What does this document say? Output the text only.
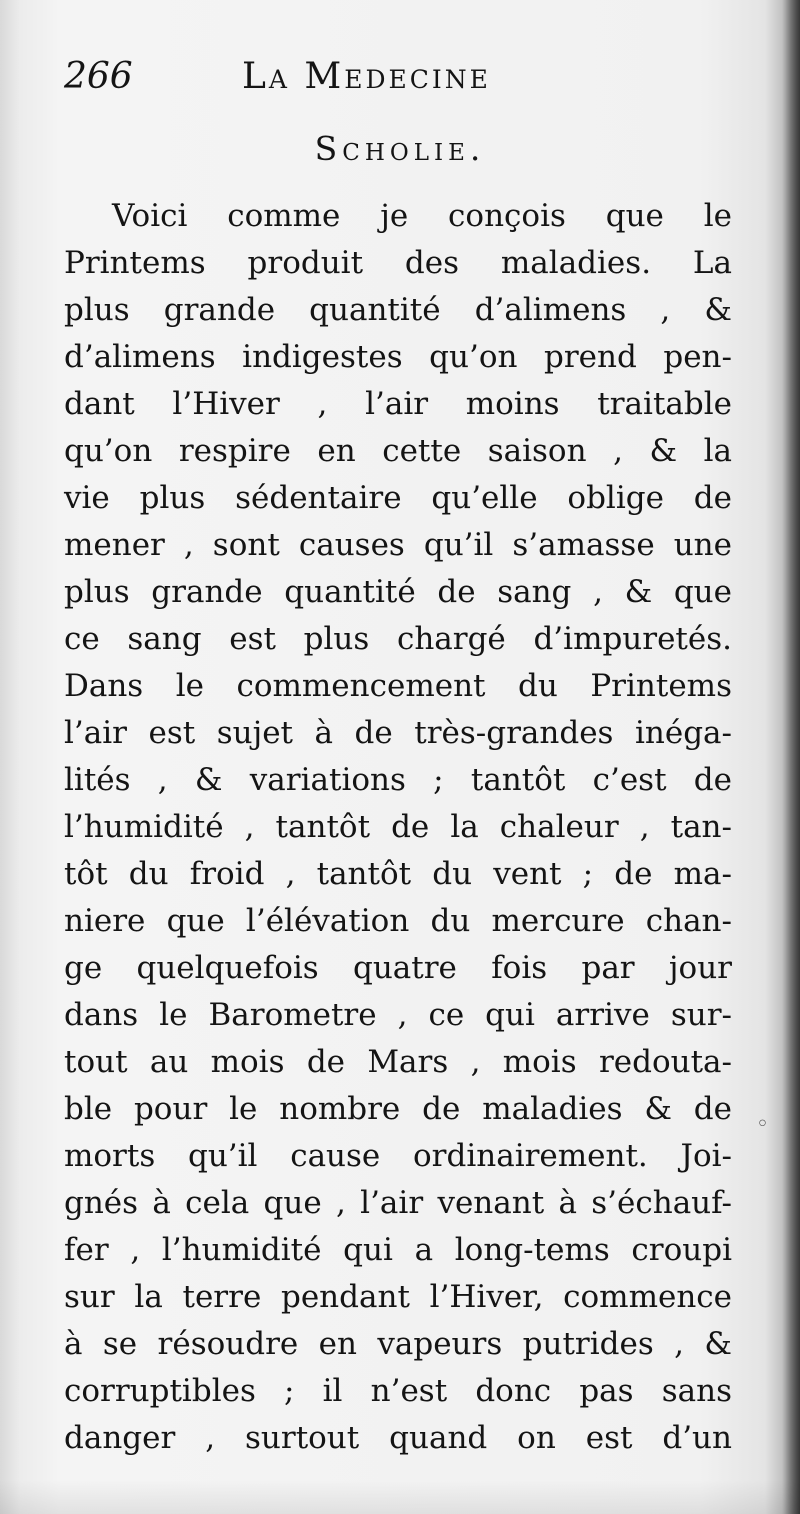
266	La Medecine
Scholie.
Voici comme je conçois que le
Printems produit des maladies. La
plus grande quantité d’alimens , &
d’alimens indigestes qu’on prend pen-
dant l’Hiver , l’air moins traitable
qu’on respire en cette saison , & la
vie plus sédentaire qu’elle oblige de
mener , sont causes qu’il s’amasse une
plus grande quantité de sang , & que
ce sang est plus chargé d’impuretés.
Dans le commencement du Printems
l’air est sujet à de très-grandes inéga-
lités , & variations ; tantôt c’est de
l’humidité , tantôt de la chaleur , tan-
tôt du froid , tantôt du vent ; de ma-
niere que l’élévation du mercure chan-
ge quelquefois quatre fois par jour
dans le Barometre , ce qui arrive sur-
tout au mois de Mars , mois redouta-
ble pour le nombre de maladies & de
morts qu’il cause ordinairement. Joi-
gnés à cela que , l’air venant à s’échauf-
fer , l’humidité qui a long-tems croupi
sur la terre pendant l’Hiver, commence
à se résoudre en vapeurs putrides , &
corruptibles ; il n’est donc pas sans
danger , surtout quand on est d’un
◦
